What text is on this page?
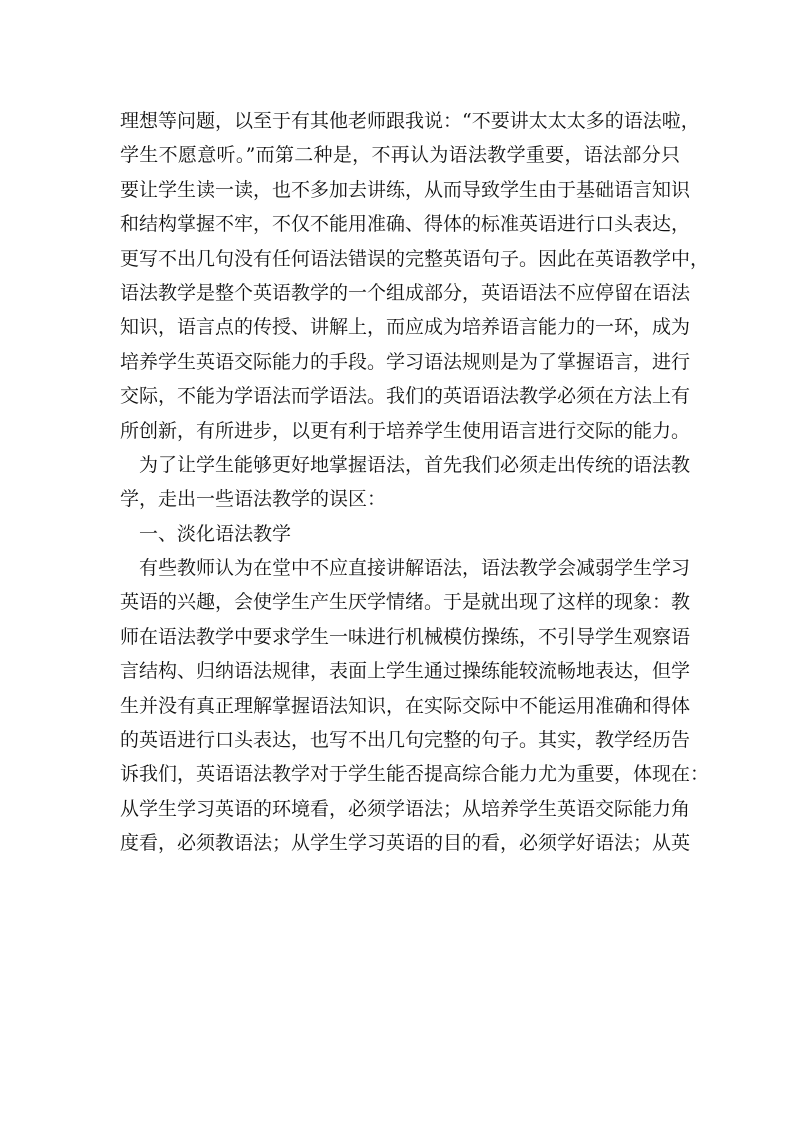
理想等问题，以至于有其他老师跟我说：“不要讲太太太多的语法啦，
学生不愿意听。”而第二种是，不再认为语法教学重要，语法部分只
要让学生读一读，也不多加去讲练，从而导致学生由于基础语言知识
和结构掌握不牢，不仅不能用准确、得体的标准英语进行口头表达，
更写不出几句没有任何语法错误的完整英语句子。因此在英语教学中，
语法教学是整个英语教学的一个组成部分，英语语法不应停留在语法
知识，语言点的传授、讲解上，而应成为培养语言能力的一环，成为
培养学生英语交际能力的手段。学习语法规则是为了掌握语言，进行
交际，不能为学语法而学语法。我们的英语语法教学必须在方法上有
所创新，有所进步，以更有利于培养学生使用语言进行交际的能力。
为了让学生能够更好地掌握语法，首先我们必须走出传统的语法教
学，走出一些语法教学的误区：
一、淡化语法教学
有些教师认为在堂中不应直接讲解语法，语法教学会减弱学生学习
英语的兴趣，会使学生产生厌学情绪。于是就出现了这样的现象：教
师在语法教学中要求学生一味进行机械模仿操练，不引导学生观察语
言结构、归纳语法规律，表面上学生通过操练能较流畅地表达，但学
生并没有真正理解掌握语法知识，在实际交际中不能运用准确和得体
的英语进行口头表达，也写不出几句完整的句子。其实，教学经历告
诉我们，英语语法教学对于学生能否提高综合能力尤为重要，体现在：
从学生学习英语的环境看，必须学语法；从培养学生英语交际能力角
度看，必须教语法；从学生学习英语的目的看，必须学好语法；从英
